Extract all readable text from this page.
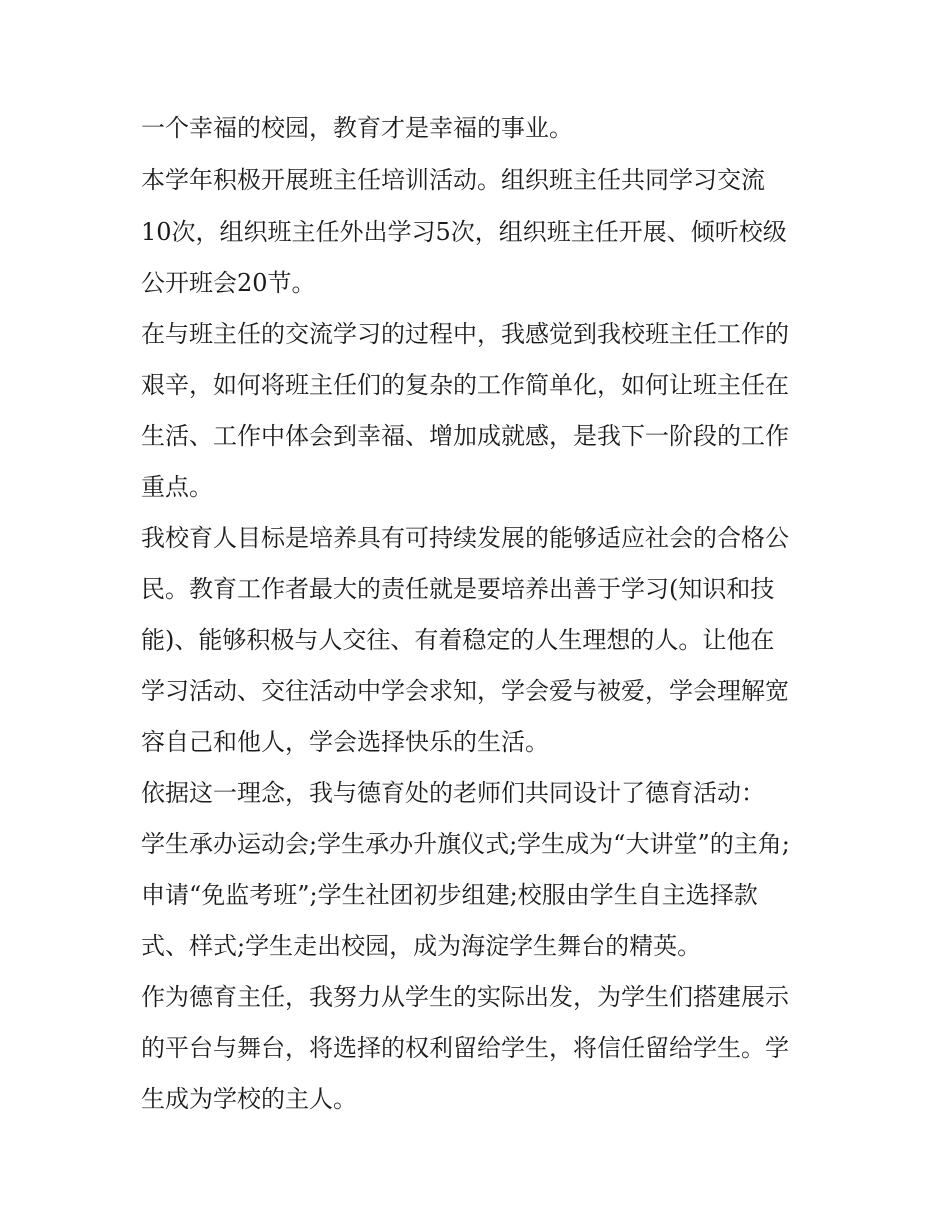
一个幸福的校园，教育才是幸福的事业。

本学年积极开展班主任培训活动。组织班主任共同学习交流

10次，组织班主任外出学习5次，组织班主任开展、倾听校级

公开班会20节。

在与班主任的交流学习的过程中，我感觉到我校班主任工作的

艰辛，如何将班主任们的复杂的工作简单化，如何让班主任在

生活、工作中体会到幸福、增加成就感，是我下一阶段的工作

重点。

我校育人目标是培养具有可持续发展的能够适应社会的合格公

民。教育工作者最大的责任就是要培养出善于学习(知识和技

能)、能够积极与人交往、有着稳定的人生理想的人。让他在

学习活动、交往活动中学会求知，学会爱与被爱，学会理解宽

容自己和他人，学会选择快乐的生活。

依据这一理念，我与德育处的老师们共同设计了德育活动：

学生承办运动会;学生承办升旗仪式;学生成为“大讲堂”的主角;

申请“免监考班”;学生社团初步组建;校服由学生自主选择款

式、样式;学生走出校园，成为海淀学生舞台的精英。

作为德育主任，我努力从学生的实际出发，为学生们搭建展示

的平台与舞台，将选择的权利留给学生，将信任留给学生。学

生成为学校的主人。
